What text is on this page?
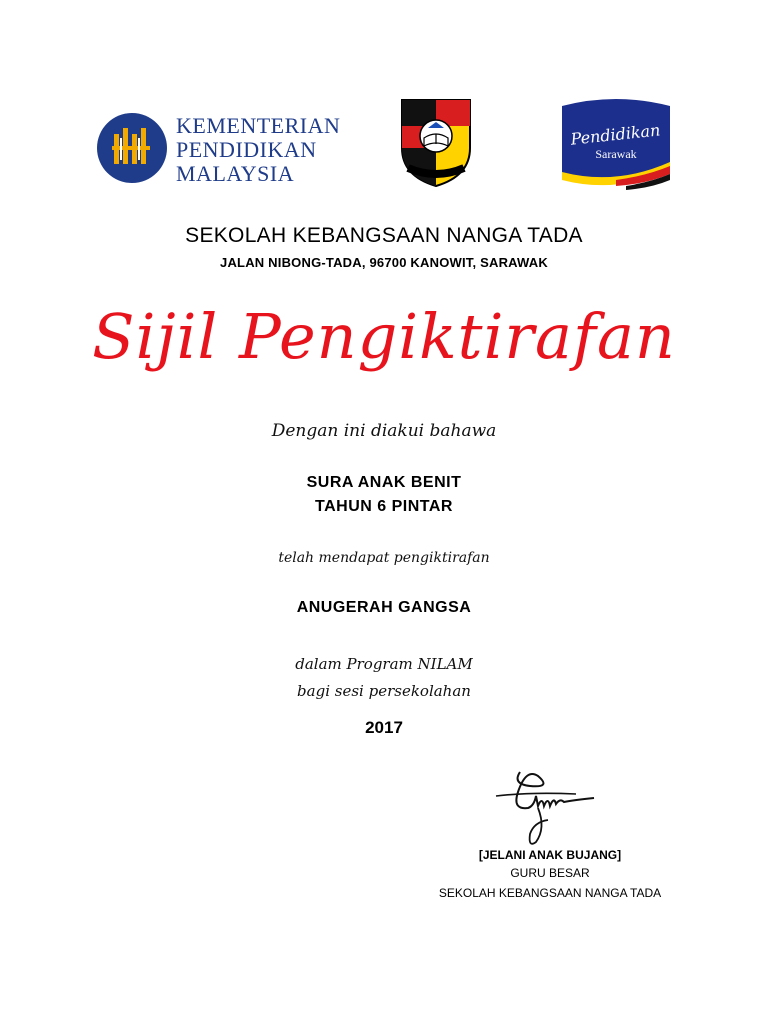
KEMENTERIAN
PENDIDIKAN
MALAYSIA
Pendidikan
Sarawak
SEKOLAH KEBANGSAAN NANGA TADA
JALAN NIBONG-TADA, 96700 KANOWIT, SARAWAK
Sijil Pengiktirafan
Dengan ini diakui bahawa
SURA ANAK BENIT
TAHUN 6 PINTAR
telah mendapat pengiktirafan
ANUGERAH GANGSA
dalam Program NILAM
bagi sesi persekolahan
2017
[JELANI ANAK BUJANG]
GURU BESAR
SEKOLAH KEBANGSAAN NANGA TADA
